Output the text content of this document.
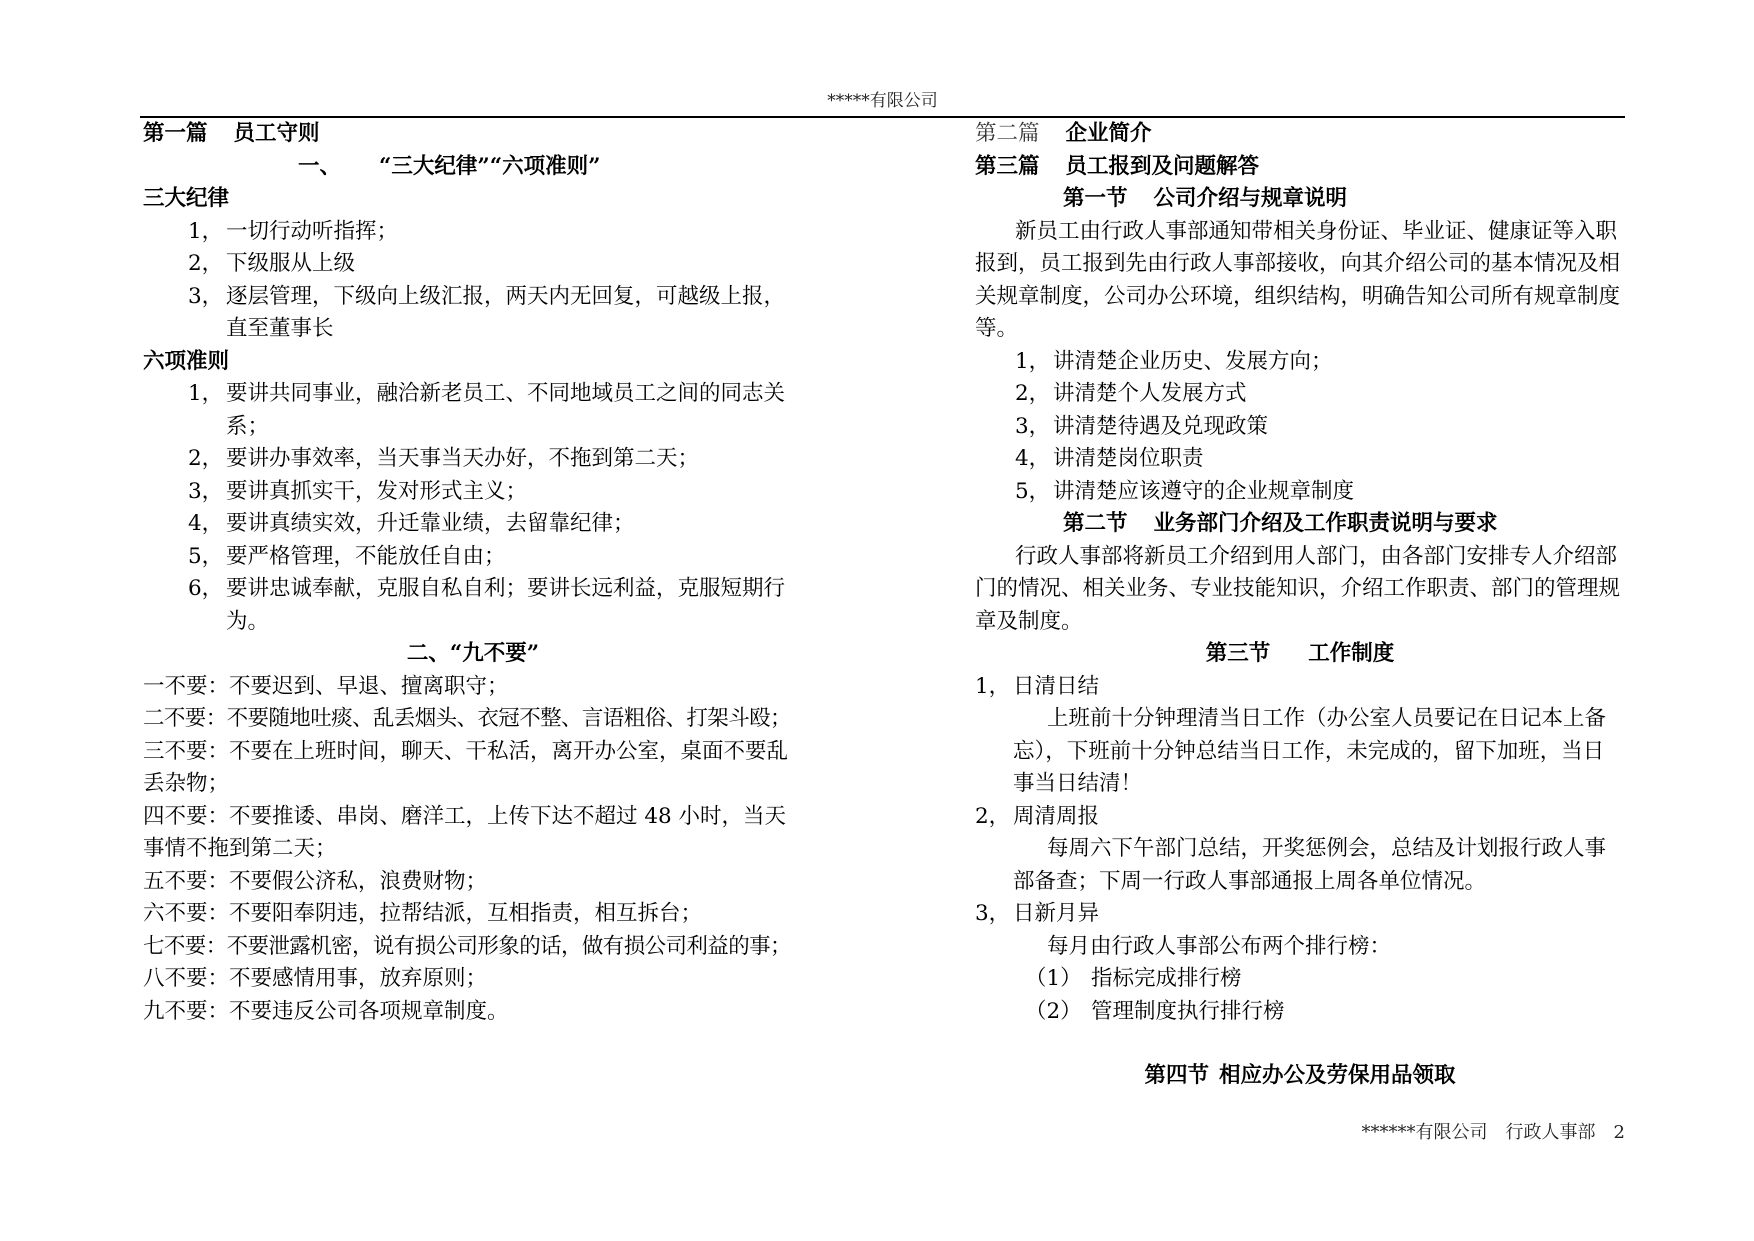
*****有限公司
第一篇 员工守则
一、 “三大纪律”“六项准则”
三大纪律
1， 一切行动听指挥；
2， 下级服从上级
3， 逐层管理，下级向上级汇报，两天内无回复，可越级上报，
直至董事长
六项准则
1， 要讲共同事业，融洽新老员工、不同地域员工之间的同志关
系；
2， 要讲办事效率，当天事当天办好，不拖到第二天；
3， 要讲真抓实干，发对形式主义；
4， 要讲真绩实效，升迁靠业绩，去留靠纪律；
5， 要严格管理，不能放任自由；
6， 要讲忠诚奉献，克服自私自利；要讲长远利益，克服短期行
为。
二、“九不要”
一不要：不要迟到、早退、擅离职守；
二不要：不要随地吐痰、乱丢烟头、衣冠不整、言语粗俗、打架斗殴；
三不要：不要在上班时间，聊天、干私活，离开办公室，桌面不要乱
丢杂物；
四不要：不要推诿、串岗、磨洋工，上传下达不超过 48 小时，当天
事情不拖到第二天；
五不要：不要假公济私，浪费财物；
六不要：不要阳奉阴违，拉帮结派，互相指责，相互拆台；
七不要：不要泄露机密，说有损公司形象的话，做有损公司利益的事；
八不要：不要感情用事，放弃原则；
九不要：不要违反公司各项规章制度。
第二篇 企业简介
第三篇 员工报到及问题解答
第一节 公司介绍与规章说明
新员工由行政人事部通知带相关身份证、毕业证、健康证等入职
报到，员工报到先由行政人事部接收，向其介绍公司的基本情况及相
关规章制度，公司办公环境，组织结构，明确告知公司所有规章制度
等。
1， 讲清楚企业历史、发展方向；
2， 讲清楚个人发展方式
3， 讲清楚待遇及兑现政策
4， 讲清楚岗位职责
5， 讲清楚应该遵守的企业规章制度
第二节 业务部门介绍及工作职责说明与要求
行政人事部将新员工介绍到用人部门，由各部门安排专人介绍部
门的情况、相关业务、专业技能知识，介绍工作职责、部门的管理规
章及制度。
第三节 工作制度
1， 日清日结
上班前十分钟理清当日工作（办公室人员要记在日记本上备
忘），下班前十分钟总结当日工作，未完成的，留下加班，当日
事当日结清！
2， 周清周报
每周六下午部门总结，开奖惩例会，总结及计划报行政人事
部备查；下周一行政人事部通报上周各单位情况。
3， 日新月异
每月由行政人事部公布两个排行榜：
（1） 指标完成排行榜
（2） 管理制度执行排行榜
第四节 相应办公及劳保用品领取
******有限公司 行政人事部 2
